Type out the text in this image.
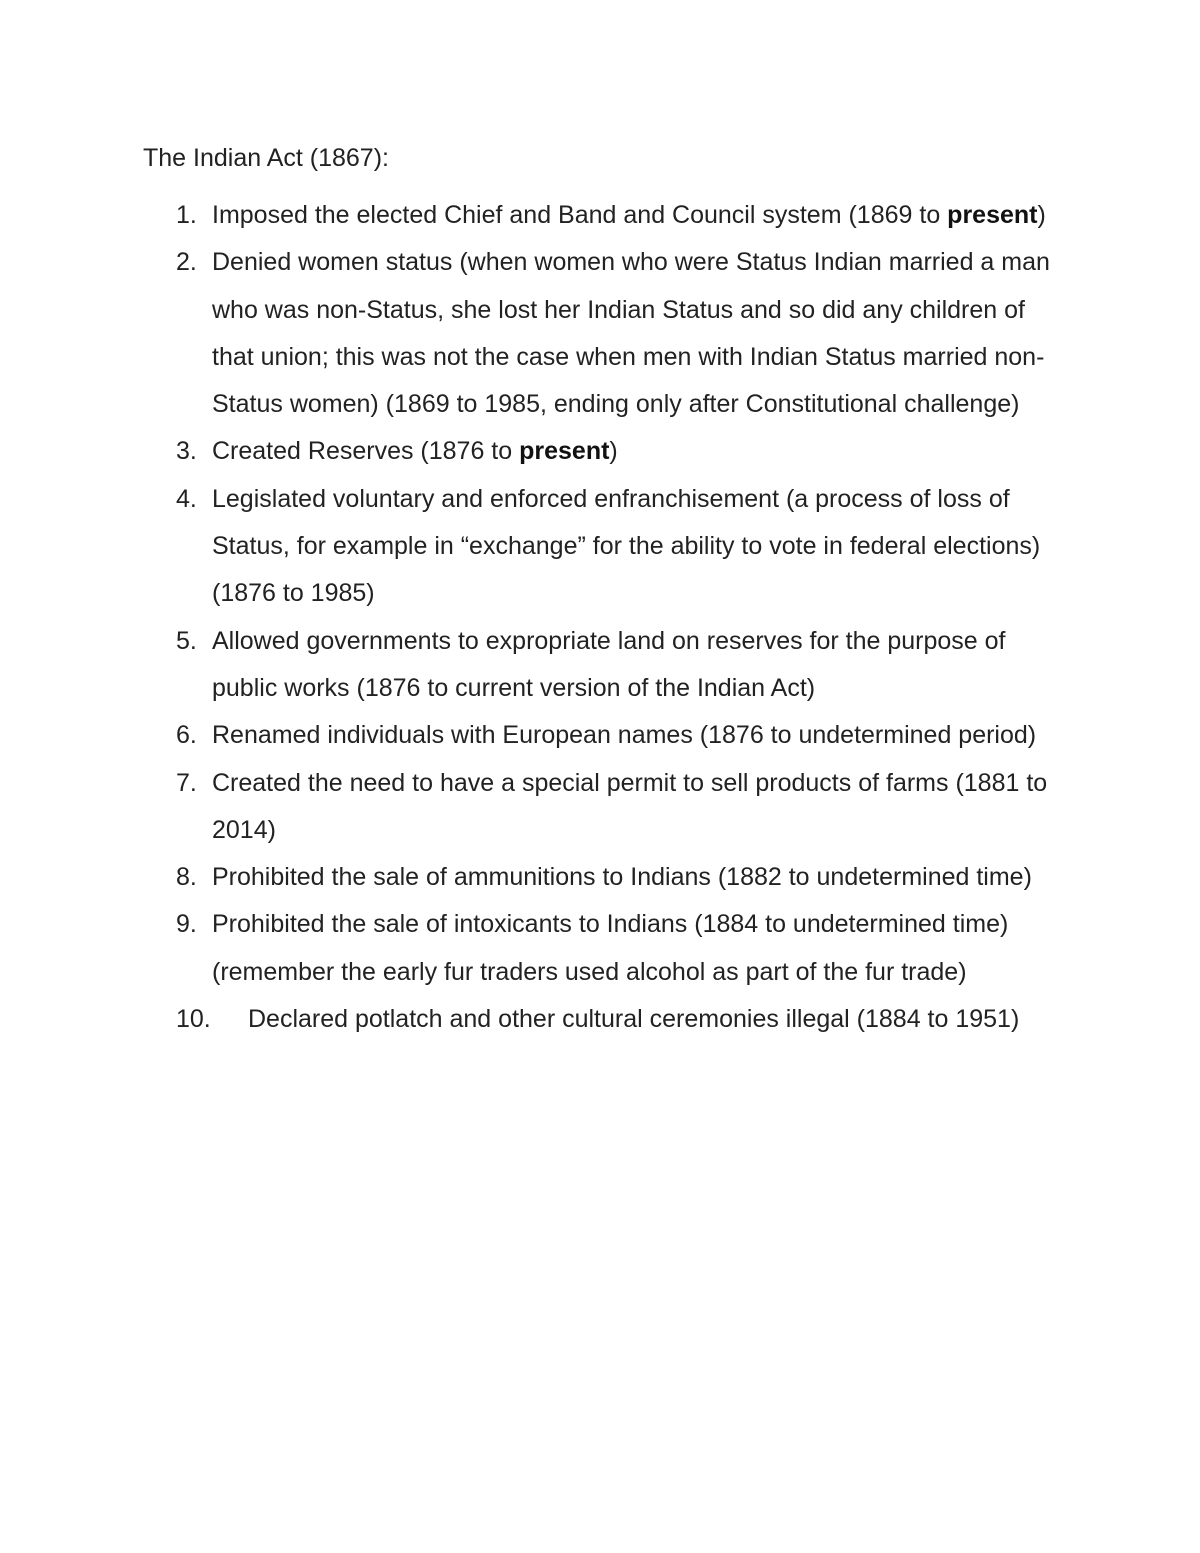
The Indian Act (1867):
1. Imposed the elected Chief and Band and Council system (1869 to present)
2. Denied women status (when women who were Status Indian married a man who was non-Status, she lost her Indian Status and so did any children of that union; this was not the case when men with Indian Status married non-Status women) (1869 to 1985, ending only after Constitutional challenge)
3. Created Reserves (1876 to present)
4. Legislated voluntary and enforced enfranchisement (a process of loss of Status, for example in “exchange” for the ability to vote in federal elections) (1876 to 1985)
5. Allowed governments to expropriate land on reserves for the purpose of public works (1876 to current version of the Indian Act)
6. Renamed individuals with European names (1876 to undetermined period)
7. Created the need to have a special permit to sell products of farms (1881 to 2014)
8. Prohibited the sale of ammunitions to Indians (1882 to undetermined time)
9. Prohibited the sale of intoxicants to Indians (1884 to undetermined time) (remember the early fur traders used alcohol as part of the fur trade)
10.	Declared potlatch and other cultural ceremonies illegal (1884 to 1951)
